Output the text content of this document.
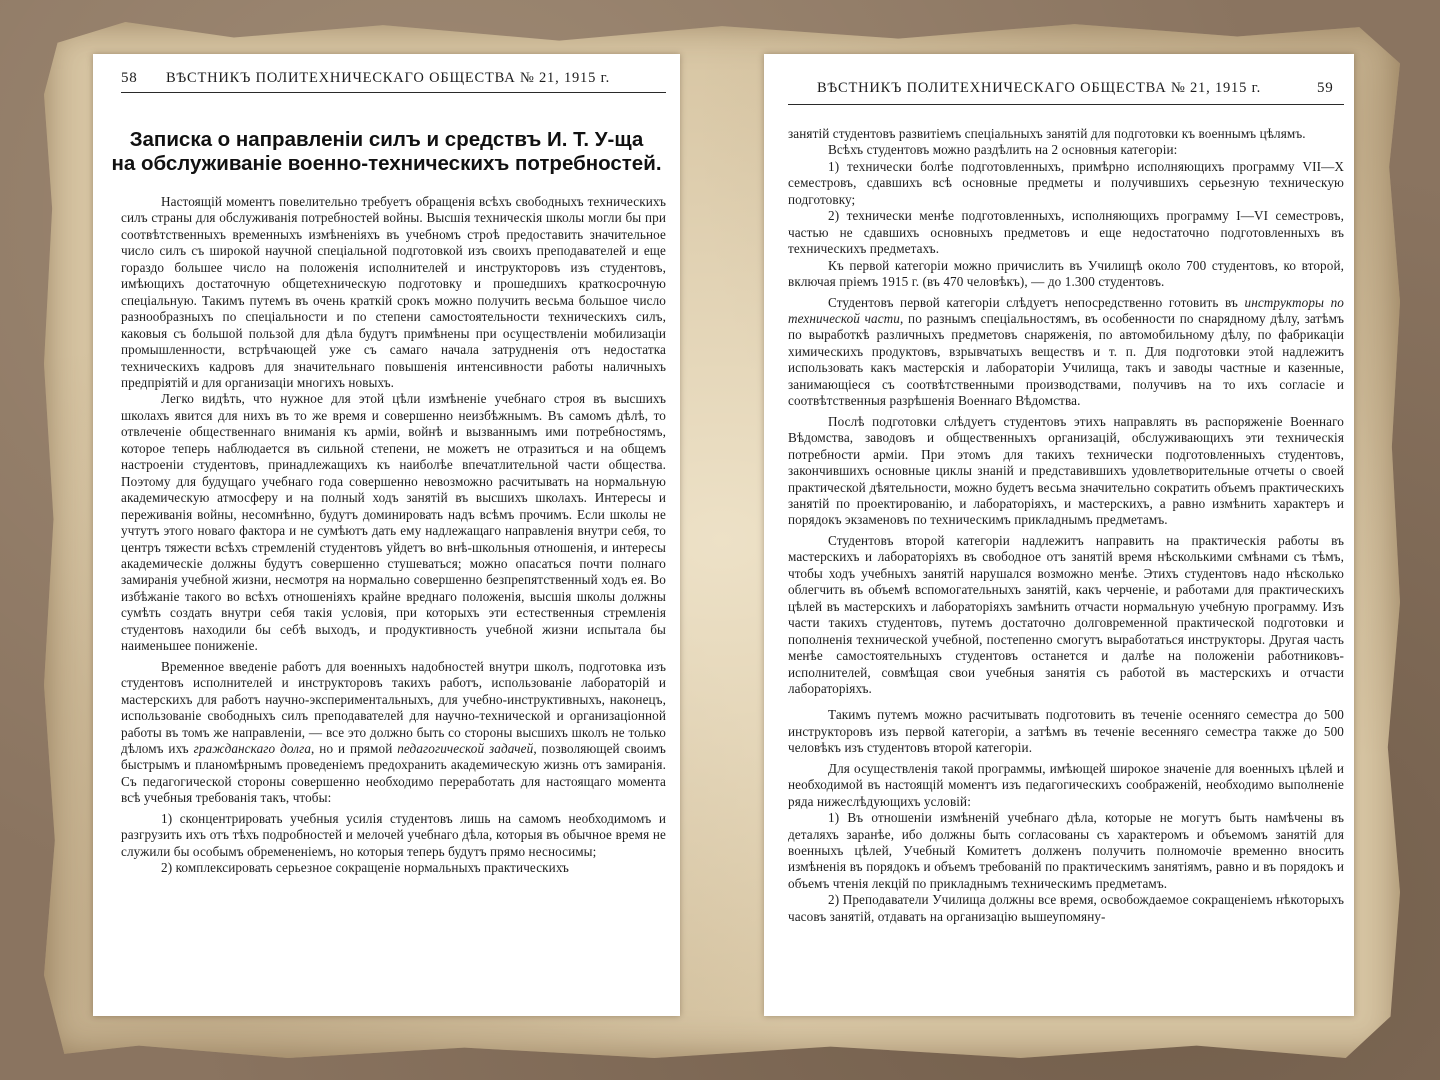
58 ВѢСТНИКЪ ПОЛИТЕХНИЧЕСКАГО ОБЩЕСТВА № 21, 1915 г.
Записка о направленіи силъ и средствъ И. Т. У-ща
на обслуживаніе военно-техническихъ потребностей.

Настоящій моментъ повелительно требуетъ обращенія всѣхъ свободныхъ техническихъ силъ страны для обслуживанія потребностей войны. Высшія техническія школы могли бы при соотвѣтственныхъ временныхъ измѣненіяхъ въ учебномъ строѣ предоставить значительное число силъ съ широкой научной спеціальной подготовкой изъ своихъ преподавателей и еще гораздо большее число на положенія исполнителей и инструкторовъ изъ студентовъ, имѣющихъ достаточную общетехническую подготовку и прошедшихъ краткосрочную спеціальную. Такимъ путемъ въ очень краткій срокъ можно получить весьма большое число разнообразныхъ по спеціальности и по степени самостоятельности техническихъ силъ, каковыя съ большой пользой для дѣла будутъ примѣнены при осуществленіи мобилизаціи промышленности, встрѣчающей уже съ самаго начала затрудненія отъ недостатка техническихъ кадровъ для значительнаго повышенія интенсивности работы наличныхъ предпріятій и для организаціи многихъ новыхъ.

Легко видѣть, что нужное для этой цѣли измѣненіе учебнаго строя въ высшихъ школахъ явится для нихъ въ то же время и совершенно неизбѣжнымъ. Въ самомъ дѣлѣ, то отвлеченіе общественнаго вниманія къ арміи, войнѣ и вызваннымъ ими потребностямъ, которое теперь наблюдается въ сильной степени, не можетъ не отразиться и на общемъ настроеніи студентовъ, принадлежащихъ къ наиболѣе впечатлительной части общества. Поэтому для будущаго учебнаго года совершенно невозможно расчитывать на нормальную академическую атмосферу и на полный ходъ занятій въ высшихъ школахъ. Интересы и переживанія войны, несомнѣнно, будутъ доминировать надъ всѣмъ прочимъ. Если школы не учтутъ этого новаго фактора и не сумѣютъ дать ему надлежащаго направленія внутри себя, то центръ тяжести всѣхъ стремленій студентовъ уйдетъ во внѣ-школьныя отношенія, и интересы академическіе должны будутъ совершенно стушеваться; можно опасаться почти полнаго замиранія учебной жизни, несмотря на нормально совершенно безпрепятственный ходъ ея. Во избѣжаніе такого во всѣхъ отношеніяхъ крайне вреднаго положенія, высшія школы должны сумѣть создать внутри себя такія условія, при которыхъ эти естественныя стремленія студентовъ находили бы себѣ выходъ, и продуктивность учебной жизни испытала бы наименьшее пониженіе.

Временное введеніе работъ для военныхъ надобностей внутри школъ, подготовка изъ студентовъ исполнителей и инструкторовъ такихъ работъ, использованіе лабораторій и мастерскихъ для работъ научно-экспериментальныхъ, для учебно-инструктивныхъ, наконецъ, использованіе свободныхъ силъ преподавателей для научно-технической и организаціонной работы въ томъ же направленіи, — все это должно быть со стороны высшихъ школъ не только дѣломъ ихъ гражданскаго долга, но и прямой педагогической задачей, позволяющей своимъ быстрымъ и планомѣрнымъ проведеніемъ предохранить академическую жизнь отъ замиранія. Съ педагогической стороны совершенно необходимо переработать для настоящаго момента всѣ учебныя требованія такъ, чтобы:

1) сконцентрировать учебныя усилія студентовъ лишь на самомъ необходимомъ и разгрузить ихъ отъ тѣхъ подробностей и мелочей учебнаго дѣла, которыя въ обычное время не служили бы особымъ обремененіемъ, но которыя теперь будутъ прямо несносимы;

2) комплексировать серьезное сокращеніе нормальныхъ практическихъ

ВѢСТНИКЪ ПОЛИТЕХНИЧЕСКАГО ОБЩЕСТВА № 21, 1915 г.	59

занятій студентовъ развитіемъ спеціальныхъ занятій для подготовки къ военнымъ цѣлямъ.

Всѣхъ студентовъ можно раздѣлить на 2 основныя категоріи:

1) технически болѣе подготовленныхъ, примѣрно исполняющихъ программу VII—X семестровъ, сдавшихъ всѣ основные предметы и получившихъ серьезную техническую подготовку;

2) технически менѣе подготовленныхъ, исполняющихъ программу I—VI семестровъ, частью не сдавшихъ основныхъ предметовъ и еще недостаточно подготовленныхъ въ техническихъ предметахъ.

Къ первой категоріи можно причислить въ Училищѣ около 700 студентовъ, ко второй, включая пріемъ 1915 г. (въ 470 человѣкъ), — до 1.300 студентовъ.

Студентовъ первой категоріи слѣдуетъ непосредственно готовить въ инструкторы по технической части, по разнымъ спеціальностямъ, въ особенности по снарядному дѣлу, затѣмъ по выработкѣ различныхъ предметовъ снаряженія, по автомобильному дѣлу, по фабрикаціи химическихъ продуктовъ, взрывчатыхъ веществъ и т. п. Для подготовки этой надлежитъ использовать какъ мастерскія и лабораторіи Училища, такъ и заводы частные и казенные, занимающіеся съ соотвѣтственными производствами, получивъ на то ихъ согласіе и соотвѣтственныя разрѣшенія Военнаго Вѣдомства.

Послѣ подготовки слѣдуетъ студентовъ этихъ направлять въ распоряженіе Военнаго Вѣдомства, заводовъ и общественныхъ организацій, обслуживающихъ эти техническія потребности арміи. При этомъ для такихъ технически подготовленныхъ студентовъ, закончившихъ основные циклы знаній и представившихъ удовлетворительные отчеты о своей практической дѣятельности, можно будетъ весьма значительно сократить объемъ практическихъ занятій по проектированію, и лабораторіяхъ, и мастерскихъ, а равно измѣнить характеръ и порядокъ экзаменовъ по техническимъ прикладнымъ предметамъ.

Студентовъ второй категоріи надлежитъ направить на практическія работы въ мастерскихъ и лабораторіяхъ въ свободное отъ занятій время нѣсколькими смѣнами съ тѣмъ, чтобы ходъ учебныхъ занятій нарушался возможно менѣе. Этихъ студентовъ надо нѣсколько облегчить въ объемѣ вспомогательныхъ занятій, какъ черченіе, и работами для практическихъ цѣлей въ мастерскихъ и лабораторіяхъ замѣнить отчасти нормальную учебную программу. Изъ части такихъ студентовъ, путемъ достаточно долговременной практической подготовки и пополненія технической учебной, постепенно смогутъ выработаться инструкторы. Другая часть менѣе самостоятельныхъ студентовъ останется и далѣе на положеніи работниковъ-исполнителей, совмѣщая свои учебныя занятія съ работой въ мастерскихъ и отчасти лабораторіяхъ.

Такимъ путемъ можно расчитывать подготовить въ теченіе осенняго семестра до 500 инструкторовъ изъ первой категоріи, а затѣмъ въ теченіе весенняго семестра также до 500 человѣкъ изъ студентовъ второй категоріи.

Для осуществленія такой программы, имѣющей широкое значеніе для военныхъ цѣлей и необходимой въ настоящій моментъ изъ педагогическихъ соображеній, необходимо выполненіе ряда нижеслѣдующихъ условій:

1) Въ отношеніи измѣненій учебнаго дѣла, которые не могутъ быть намѣчены въ деталяхъ заранѣе, ибо должны быть согласованы съ характеромъ и объемомъ занятій для военныхъ цѣлей, Учебный Комитетъ долженъ получить полномочіе временно вносить измѣненія въ порядокъ и объемъ требованій по практическимъ занятіямъ, равно и въ порядокъ и объемъ чтенія лекцій по прикладнымъ техническимъ предметамъ.

2) Преподаватели Училища должны все время, освобождаемое сокращеніемъ нѣкоторыхъ часовъ занятій, отдавать на организацію вышеупомяну-
